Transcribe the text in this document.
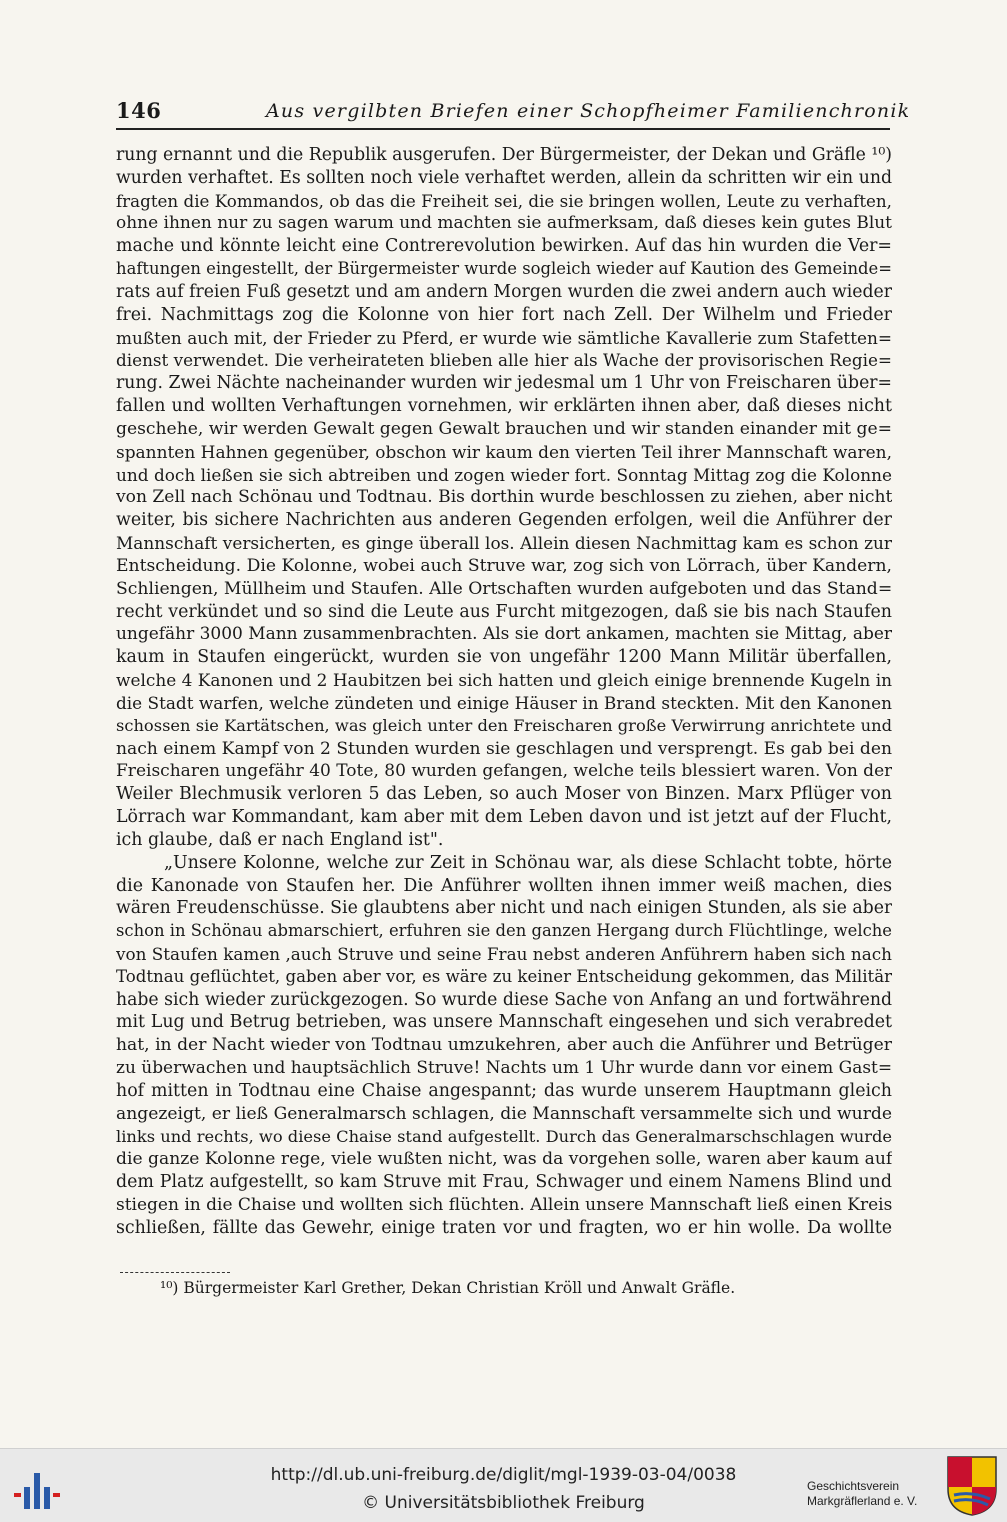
146	Aus vergilbten Briefen einer Schopfheimer Familienchronik
rung ernannt und die Republik ausgerufen. Der Bürgermeister, der Dekan und Gräfle ¹⁰)
wurden verhaftet. Es sollten noch viele verhaftet werden, allein da schritten wir ein und
fragten die Kommandos, ob das die Freiheit sei, die sie bringen wollen, Leute zu verhaften,
ohne ihnen nur zu sagen warum und machten sie aufmerksam, daß dieses kein gutes Blut
mache und könnte leicht eine Contrerevolution bewirken. Auf das hin wurden die Ver=
haftungen eingestellt, der Bürgermeister wurde sogleich wieder auf Kaution des Gemeinde=
rats auf freien Fuß gesetzt und am andern Morgen wurden die zwei andern auch wieder
frei. Nachmittags zog die Kolonne von hier fort nach Zell. Der Wilhelm und Frieder
mußten auch mit, der Frieder zu Pferd, er wurde wie sämtliche Kavallerie zum Stafetten=
dienst verwendet. Die verheirateten blieben alle hier als Wache der provisorischen Regie=
rung. Zwei Nächte nacheinander wurden wir jedesmal um 1 Uhr von Freischaren über=
fallen und wollten Verhaftungen vornehmen, wir erklärten ihnen aber, daß dieses nicht
geschehe, wir werden Gewalt gegen Gewalt brauchen und wir standen einander mit ge=
spannten Hahnen gegenüber, obschon wir kaum den vierten Teil ihrer Mannschaft waren,
und doch ließen sie sich abtreiben und zogen wieder fort. Sonntag Mittag zog die Kolonne
von Zell nach Schönau und Todtnau. Bis dorthin wurde beschlossen zu ziehen, aber nicht
weiter, bis sichere Nachrichten aus anderen Gegenden erfolgen, weil die Anführer der
Mannschaft versicherten, es ginge überall los. Allein diesen Nachmittag kam es schon zur
Entscheidung. Die Kolonne, wobei auch Struve war, zog sich von Lörrach, über Kandern,
Schliengen, Müllheim und Staufen. Alle Ortschaften wurden aufgeboten und das Stand=
recht verkündet und so sind die Leute aus Furcht mitgezogen, daß sie bis nach Staufen
ungefähr 3000 Mann zusammenbrachten. Als sie dort ankamen, machten sie Mittag, aber
kaum in Staufen eingerückt, wurden sie von ungefähr 1200 Mann Militär überfallen,
welche 4 Kanonen und 2 Haubitzen bei sich hatten und gleich einige brennende Kugeln in
die Stadt warfen, welche zündeten und einige Häuser in Brand steckten. Mit den Kanonen
schossen sie Kartätschen, was gleich unter den Freischaren große Verwirrung anrichtete und
nach einem Kampf von 2 Stunden wurden sie geschlagen und versprengt. Es gab bei den
Freischaren ungefähr 40 Tote, 80 wurden gefangen, welche teils blessiert waren. Von der
Weiler Blechmusik verloren 5 das Leben, so auch Moser von Binzen. Marx Pflüger von
Lörrach war Kommandant, kam aber mit dem Leben davon und ist jetzt auf der Flucht,
ich glaube, daß er nach England ist".
„Unsere Kolonne, welche zur Zeit in Schönau war, als diese Schlacht tobte, hörte
die Kanonade von Staufen her. Die Anführer wollten ihnen immer weiß machen, dies
wären Freudenschüsse. Sie glaubtens aber nicht und nach einigen Stunden, als sie aber
schon in Schönau abmarschiert, erfuhren sie den ganzen Hergang durch Flüchtlinge, welche
von Staufen kamen ,auch Struve und seine Frau nebst anderen Anführern haben sich nach
Todtnau geflüchtet, gaben aber vor, es wäre zu keiner Entscheidung gekommen, das Militär
habe sich wieder zurückgezogen. So wurde diese Sache von Anfang an und fortwährend
mit Lug und Betrug betrieben, was unsere Mannschaft eingesehen und sich verabredet
hat, in der Nacht wieder von Todtnau umzukehren, aber auch die Anführer und Betrüger
zu überwachen und hauptsächlich Struve! Nachts um 1 Uhr wurde dann vor einem Gast=
hof mitten in Todtnau eine Chaise angespannt; das wurde unserem Hauptmann gleich
angezeigt, er ließ Generalmarsch schlagen, die Mannschaft versammelte sich und wurde
links und rechts, wo diese Chaise stand aufgestellt. Durch das Generalmarschschlagen wurde
die ganze Kolonne rege, viele wußten nicht, was da vorgehen solle, waren aber kaum auf
dem Platz aufgestellt, so kam Struve mit Frau, Schwager und einem Namens Blind und
stiegen in die Chaise und wollten sich flüchten. Allein unsere Mannschaft ließ einen Kreis
schließen, fällte das Gewehr, einige traten vor und fragten, wo er hin wolle. Da wollte
¹⁰) Bürgermeister Karl Grether, Dekan Christian Kröll und Anwalt Gräfle.
http://dl.ub.uni-freiburg.de/diglit/mgl-1939-03-04/0038
© Universitätsbibliothek Freiburg
Geschichtsverein
Markgräflerland e. V.
